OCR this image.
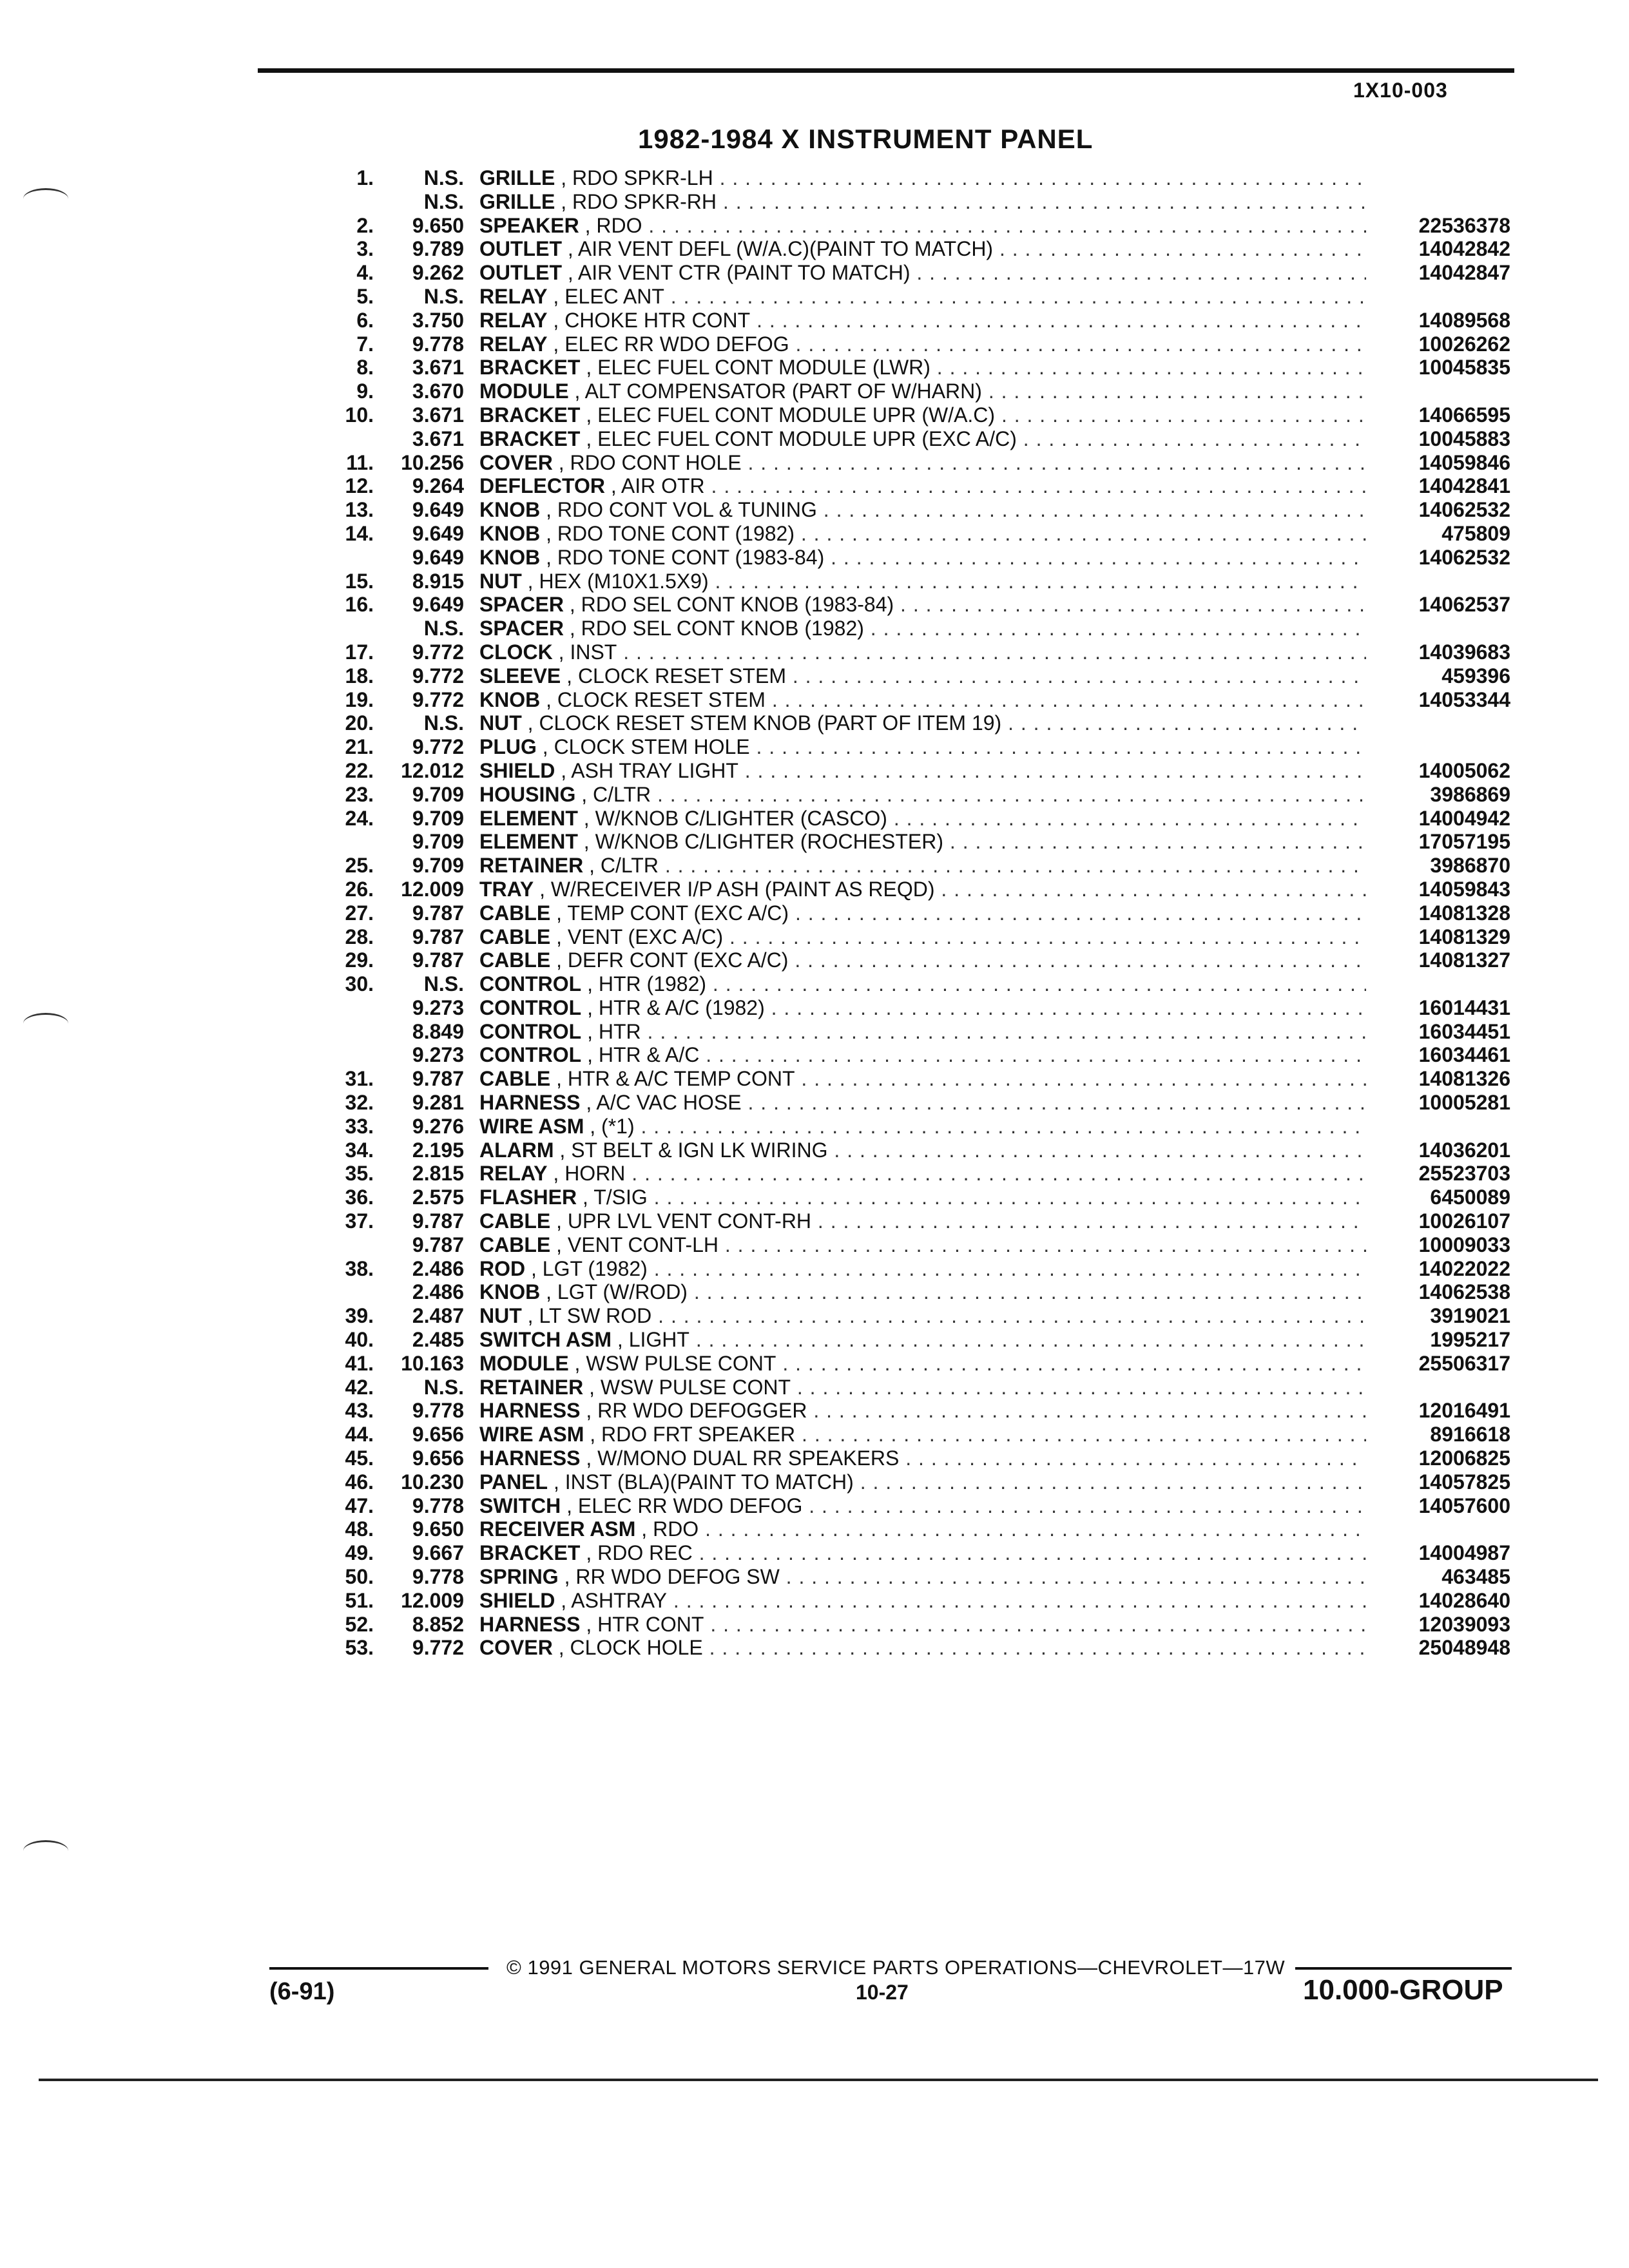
1X10-003
1982-1984 X INSTRUMENT PANEL
1.	N.S. GRILLE , RDO SPKR-LH . . .
N.S. GRILLE , RDO SPKR-RH . . .
2.	9.650 SPEAKER , RDO . . .	22536378
3.	9.789 OUTLET , AIR VENT DEFL (W/A.C)(PAINT TO MATCH) . . .	14042842
4.	9.262 OUTLET , AIR VENT CTR (PAINT TO MATCH) . . .	14042847
5.	N.S. RELAY , ELEC ANT . . .
6.	3.750 RELAY , CHOKE HTR CONT . . .	14089568
7.	9.778 RELAY , ELEC RR WDO DEFOG . . .	10026262
8.	3.671 BRACKET , ELEC FUEL CONT MODULE (LWR) . . .	10045835
9.	3.670 MODULE , ALT COMPENSATOR (PART OF W/HARN) . . .
10.	3.671 BRACKET , ELEC FUEL CONT MODULE UPR (W/A.C) . . .	14066595
3.671 BRACKET , ELEC FUEL CONT MODULE UPR (EXC A/C) . . .	10045883
11.	10.256 COVER , RDO CONT HOLE . . .	14059846
12.	9.264 DEFLECTOR , AIR OTR . . .	14042841
13.	9.649 KNOB , RDO CONT VOL & TUNING . . .	14062532
14.	9.649 KNOB , RDO TONE CONT (1982) . . .	475809
9.649 KNOB , RDO TONE CONT (1983-84) . . .	14062532
15.	8.915 NUT , HEX (M10X1.5X9) . . .
16.	9.649 SPACER , RDO SEL CONT KNOB (1983-84) . . .	14062537
N.S. SPACER , RDO SEL CONT KNOB (1982) . . .
17.	9.772 CLOCK , INST . . .	14039683
18.	9.772 SLEEVE , CLOCK RESET STEM . . .	459396
19.	9.772 KNOB , CLOCK RESET STEM . . .	14053344
20.	N.S. NUT , CLOCK RESET STEM KNOB (PART OF ITEM 19) . . .
21.	9.772 PLUG , CLOCK STEM HOLE . . .
22.	12.012 SHIELD , ASH TRAY LIGHT . . .	14005062
23.	9.709 HOUSING , C/LTR . . .	3986869
24.	9.709 ELEMENT , W/KNOB C/LIGHTER (CASCO) . . .	14004942
9.709 ELEMENT , W/KNOB C/LIGHTER (ROCHESTER) . . .	17057195
25.	9.709 RETAINER , C/LTR . . .	3986870
26.	12.009 TRAY , W/RECEIVER I/P ASH (PAINT AS REQD) . . .	14059843
27.	9.787 CABLE , TEMP CONT (EXC A/C) . . .	14081328
28.	9.787 CABLE , VENT (EXC A/C) . . .	14081329
29.	9.787 CABLE , DEFR CONT (EXC A/C) . . .	14081327
30.	N.S. CONTROL , HTR (1982) . . .
9.273 CONTROL , HTR & A/C (1982) . . .	16014431
8.849 CONTROL , HTR . . .	16034451
9.273 CONTROL , HTR & A/C . . .	16034461
31.	9.787 CABLE , HTR & A/C TEMP CONT . . .	14081326
32.	9.281 HARNESS , A/C VAC HOSE . . .	10005281
33.	9.276 WIRE ASM , (*1) . . .
34.	2.195 ALARM , ST BELT & IGN LK WIRING . . .	14036201
35.	2.815 RELAY , HORN . . .	25523703
36.	2.575 FLASHER , T/SIG . . .	6450089
37.	9.787 CABLE , UPR LVL VENT CONT-RH . . .	10026107
9.787 CABLE , VENT CONT-LH . . .	10009033
38.	2.486 ROD , LGT (1982) . . .	14022022
2.486 KNOB , LGT (W/ROD) . . .	14062538
39.	2.487 NUT , LT SW ROD . . .	3919021
40.	2.485 SWITCH ASM , LIGHT . . .	1995217
41.	10.163 MODULE , WSW PULSE CONT . . .	25506317
42.	N.S. RETAINER , WSW PULSE CONT . . .
43.	9.778 HARNESS , RR WDO DEFOGGER . . .	12016491
44.	9.656 WIRE ASM , RDO FRT SPEAKER . . .	8916618
45.	9.656 HARNESS , W/MONO DUAL RR SPEAKERS . . .	12006825
46.	10.230 PANEL , INST (BLA)(PAINT TO MATCH) . . .	14057825
47.	9.778 SWITCH , ELEC RR WDO DEFOG . . .	14057600
48.	9.650 RECEIVER ASM , RDO . . .
49.	9.667 BRACKET , RDO REC . . .	14004987
50.	9.778 SPRING , RR WDO DEFOG SW . . .	463485
51.	12.009 SHIELD , ASHTRAY . . .	14028640
52.	8.852 HARNESS , HTR CONT . . .	12039093
53.	9.772 COVER , CLOCK HOLE . . .	25048948
© 1991 GENERAL MOTORS SERVICE PARTS OPERATIONS—CHEVROLET—17W
(6-91)	10-27	10.000-GROUP
